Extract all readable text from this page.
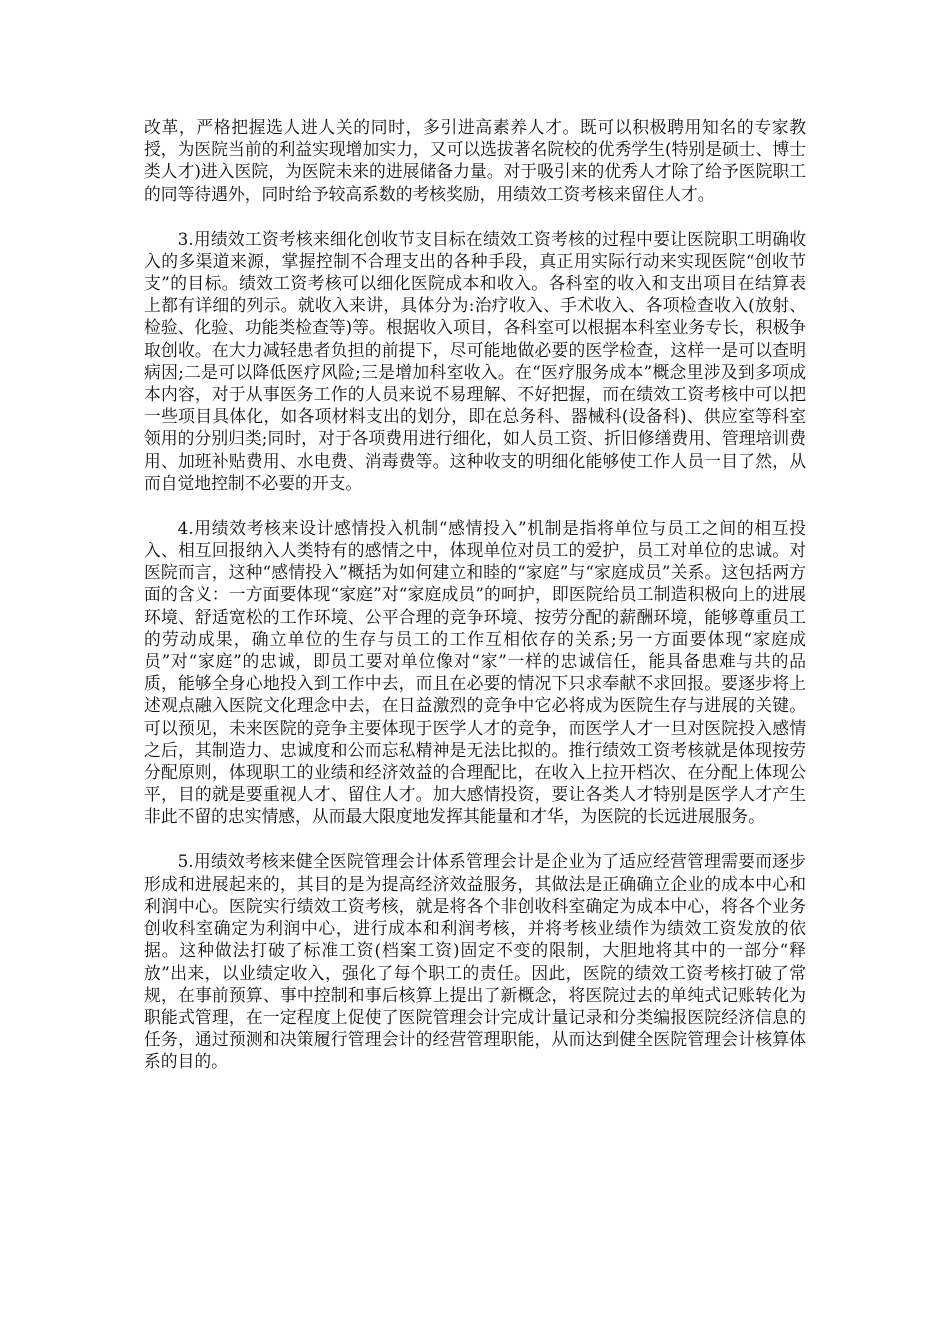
改革，严格把握选人进人关的同时，多引进高素养人才。既可以积极聘用知名的专家教授，为医院当前的利益实现增加实力，又可以选拔著名院校的优秀学生(特别是硕士、博士类人才)进入医院，为医院未来的进展储备力量。对于吸引来的优秀人才除了给予医院职工的同等待遇外，同时给予较高系数的考核奖励，用绩效工资考核来留住人才。

3.用绩效工资考核来细化创收节支目标在绩效工资考核的过程中要让医院职工明确收入的多渠道来源，掌握控制不合理支出的各种手段，真正用实际行动来实现医院“创收节支”的目标。绩效工资考核可以细化医院成本和收入。各科室的收入和支出项目在结算表上都有详细的列示。就收入来讲，具体分为:治疗收入、手术收入、各项检查收入(放射、检验、化验、功能类检查等)等。根据收入项目，各科室可以根据本科室业务专长，积极争取创收。在大力减轻患者负担的前提下，尽可能地做必要的医学检查，这样一是可以查明病因;二是可以降低医疗风险;三是增加科室收入。在“医疗服务成本”概念里涉及到多项成本内容，对于从事医务工作的人员来说不易理解、不好把握，而在绩效工资考核中可以把一些项目具体化，如各项材料支出的划分，即在总务科、器械科(设备科)、供应室等科室领用的分别归类;同时，对于各项费用进行细化，如人员工资、折旧修缮费用、管理培训费用、加班补贴费用、水电费、消毒费等。这种收支的明细化能够使工作人员一目了然，从而自觉地控制不必要的开支。

4.用绩效考核来设计感情投入机制“感情投入”机制是指将单位与员工之间的相互投入、相互回报纳入人类特有的感情之中，体现单位对员工的爱护，员工对单位的忠诚。对医院而言，这种“感情投入”概括为如何建立和睦的“家庭”与“家庭成员”关系。这包括两方面的含义：一方面要体现“家庭”对“家庭成员”的呵护，即医院给员工制造积极向上的进展环境、舒适宽松的工作环境、公平合理的竞争环境、按劳分配的薪酬环境，能够尊重员工的劳动成果，确立单位的生存与员工的工作互相依存的关系;另一方面要体现“家庭成员”对“家庭”的忠诚，即员工要对单位像对“家”一样的忠诚信任，能具备患难与共的品质，能够全身心地投入到工作中去，而且在必要的情况下只求奉献不求回报。要逐步将上述观点融入医院文化理念中去，在日益激烈的竞争中它必将成为医院生存与进展的关键。可以预见，未来医院的竞争主要体现于医学人才的竞争，而医学人才一旦对医院投入感情之后，其制造力、忠诚度和公而忘私精神是无法比拟的。推行绩效工资考核就是体现按劳分配原则，体现职工的业绩和经济效益的合理配比，在收入上拉开档次、在分配上体现公平，目的就是要重视人才、留住人才。加大感情投资，要让各类人才特别是医学人才产生非此不留的忠实情感，从而最大限度地发挥其能量和才华，为医院的长远进展服务。

5.用绩效考核来健全医院管理会计体系管理会计是企业为了适应经营管理需要而逐步形成和进展起来的，其目的是为提高经济效益服务，其做法是正确确立企业的成本中心和利润中心。医院实行绩效工资考核，就是将各个非创收科室确定为成本中心，将各个业务创收科室确定为利润中心，进行成本和利润考核，并将考核业绩作为绩效工资发放的依据。这种做法打破了标准工资(档案工资)固定不变的限制，大胆地将其中的一部分“释放”出来，以业绩定收入，强化了每个职工的责任。因此，医院的绩效工资考核打破了常规，在事前预算、事中控制和事后核算上提出了新概念，将医院过去的单纯式记账转化为职能式管理，在一定程度上促使了医院管理会计完成计量记录和分类编报医院经济信息的任务，通过预测和决策履行管理会计的经营管理职能，从而达到健全医院管理会计核算体系的目的。
